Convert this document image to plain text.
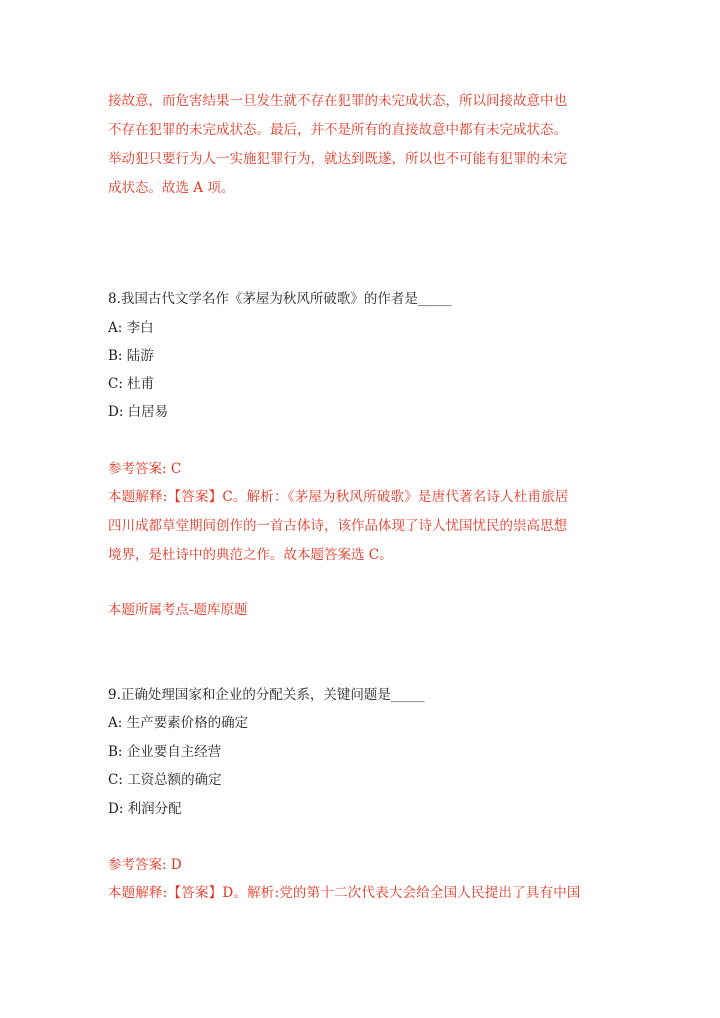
接故意，而危害结果一旦发生就不存在犯罪的未完成状态，所以间接故意中也
不存在犯罪的未完成状态。最后，并不是所有的直接故意中都有未完成状态。
举动犯只要行为人一实施犯罪行为，就达到既遂，所以也不可能有犯罪的未完
成状态。故选 A 项。
8.我国古代文学名作《茅屋为秋风所破歌》的作者是_____
A: 李白
B: 陆游
C: 杜甫
D: 白居易
参考答案: C
本题解释:【答案】C。解析：《茅屋为秋风所破歌》是唐代著名诗人杜甫旅居
四川成都草堂期间创作的一首古体诗，该作品体现了诗人忧国忧民的崇高思想
境界，是杜诗中的典范之作。故本题答案选 C。
本题所属考点-题库原题
9.正确处理国家和企业的分配关系，关键问题是_____
A: 生产要素价格的确定
B: 企业要自主经营
C: 工资总额的确定
D: 利润分配
参考答案: D
本题解释:【答案】D。解析:党的第十二次代表大会给全国人民提出了具有中国
